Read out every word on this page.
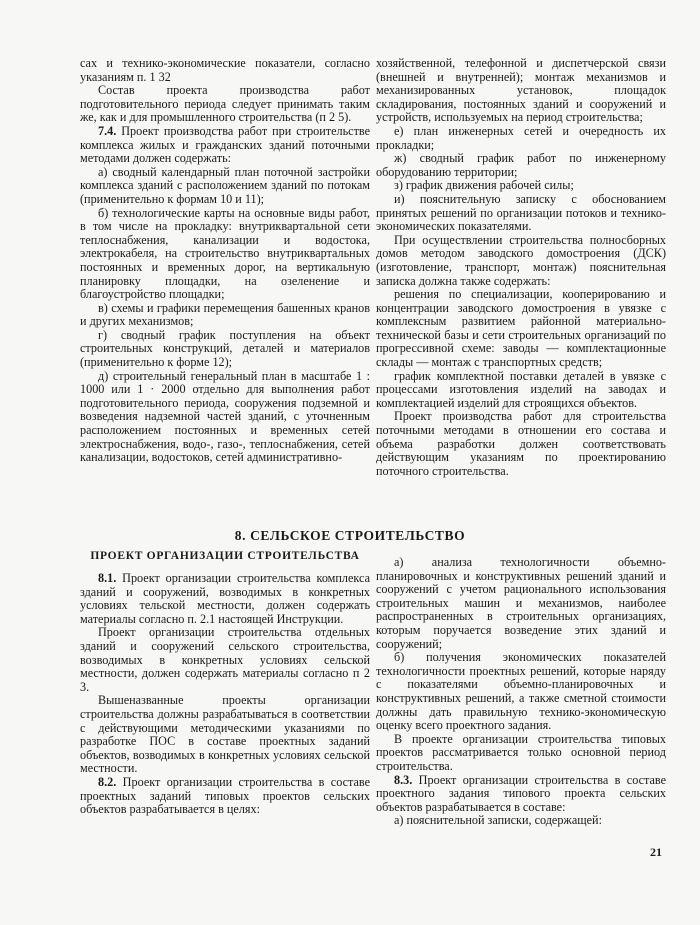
сах и технико-экономические показатели, согласно указаниям п. 1 32

Состав проекта производства работ подготовительного периода следует принимать таким же, как и для промышленного строительства (п 2 5).

7.4. Проект производства работ при строительстве комплекса жилых и гражданских зданий поточными методами должен содержать:

а) сводный календарный план поточной застройки комплекса зданий с расположением зданий по потокам (применительно к формам 10 и 11);

б) технологические карты на основные виды работ, в том числе на прокладку: внутриквартальной сети теплоснабжения, канализации и водостока, электрокабеля, на строительство внутриквартальных постоянных и временных дорог, на вертикальную планировку площадки, на озеленение и благоустройство площадки;

в) схемы и графики перемещения башенных кранов и других механизмов;

г) сводный график поступления на объект строительных конструкций, деталей и материалов (применительно к форме 12);

д) строительный генеральный план в масштабе 1 : 1000 или 1 · 2000 отдельно для выполнения работ подготовительного периода, сооружения подземной и возведения надземной частей зданий, с уточненным расположением постоянных и временных сетей электроснабжения, водо-, газо-, теплоснабжения, сетей канализации, водостоков, сетей административно-

хозяйственной, телефонной и диспетчерской связи (внешней и внутренней); монтаж механизмов и механизированных установок, площадок складирования, постоянных зданий и сооружений и устройств, используемых на период строительства;

е) план инженерных сетей и очередность их прокладки;

ж) сводный график работ по инженерному оборудованию территории;

з) график движения рабочей силы;

и) пояснительную записку с обоснованием принятых решений по организации потоков и технико-экономических показателями.

При осуществлении строительства полносборных домов методом заводского домостроения (ДСК) (изготовление, транспорт, монтаж) пояснительная записка должна также содержать:

решения по специализации, кооперированию и концентрации заводского домостроения в увязке с комплексным развитием районной материально-технической базы и сети строительных организаций по прогрессивной схеме: заводы — комплектационные склады — монтаж с транспортных средств;

график комплектной поставки деталей в увязке с процессами изготовления изделий на заводах и комплектацией изделий для строящихся объектов.

Проект производства работ для строительства поточными методами в отношении его состава и объема разработки должен соответствовать действующим указаниям по проектированию поточного строительства.

8. СЕЛЬСКОЕ СТРОИТЕЛЬСТВО
ПРОЕКТ ОРГАНИЗАЦИИ СТРОИТЕЛЬСТВА

8.1. Проект организации строительства комплекса зданий и сооружений, возводимых в конкретных условиях тельской местности, должен содержать материалы согласно п. 2.1 настоящей Инструкции.

Проект организации строительства отдельных зданий и сооружений сельского строительства, возводимых в конкретных условиях сельской местности, должен содержать материалы согласно п 2 3.

Вышеназванные проекты организации строительства должны разрабатываться в соответствии с действующими методическими указаниями по разработке ПОС в составе проектных заданий объектов, возводимых в конкретных условиях сельской местности.

8.2. Проект организации строительства в составе проектных заданий типовых проектов сельских объектов разрабатывается в целях:

а) анализа технологичности объемно-планировочных и конструктивных решений зданий и сооружений с учетом рационального использования строительных машин и механизмов, наиболее распространенных в строительных организациях, которым поручается возведение этих зданий и сооружений;

б) получения экономических показателей технологичности проектных решений, которые наряду с показателями объемно-планировочных и конструктивных решений, а также сметной стоимости должны дать правильную технико-экономическую оценку всего проектного задания.

В проекте организации строительства типовых проектов рассматривается только основной период строительства.

8.3. Проект организации строительства в составе проектного задания типового проекта сельских объектов разрабатывается в составе:

а) пояснительной записки, содержащей:

21
